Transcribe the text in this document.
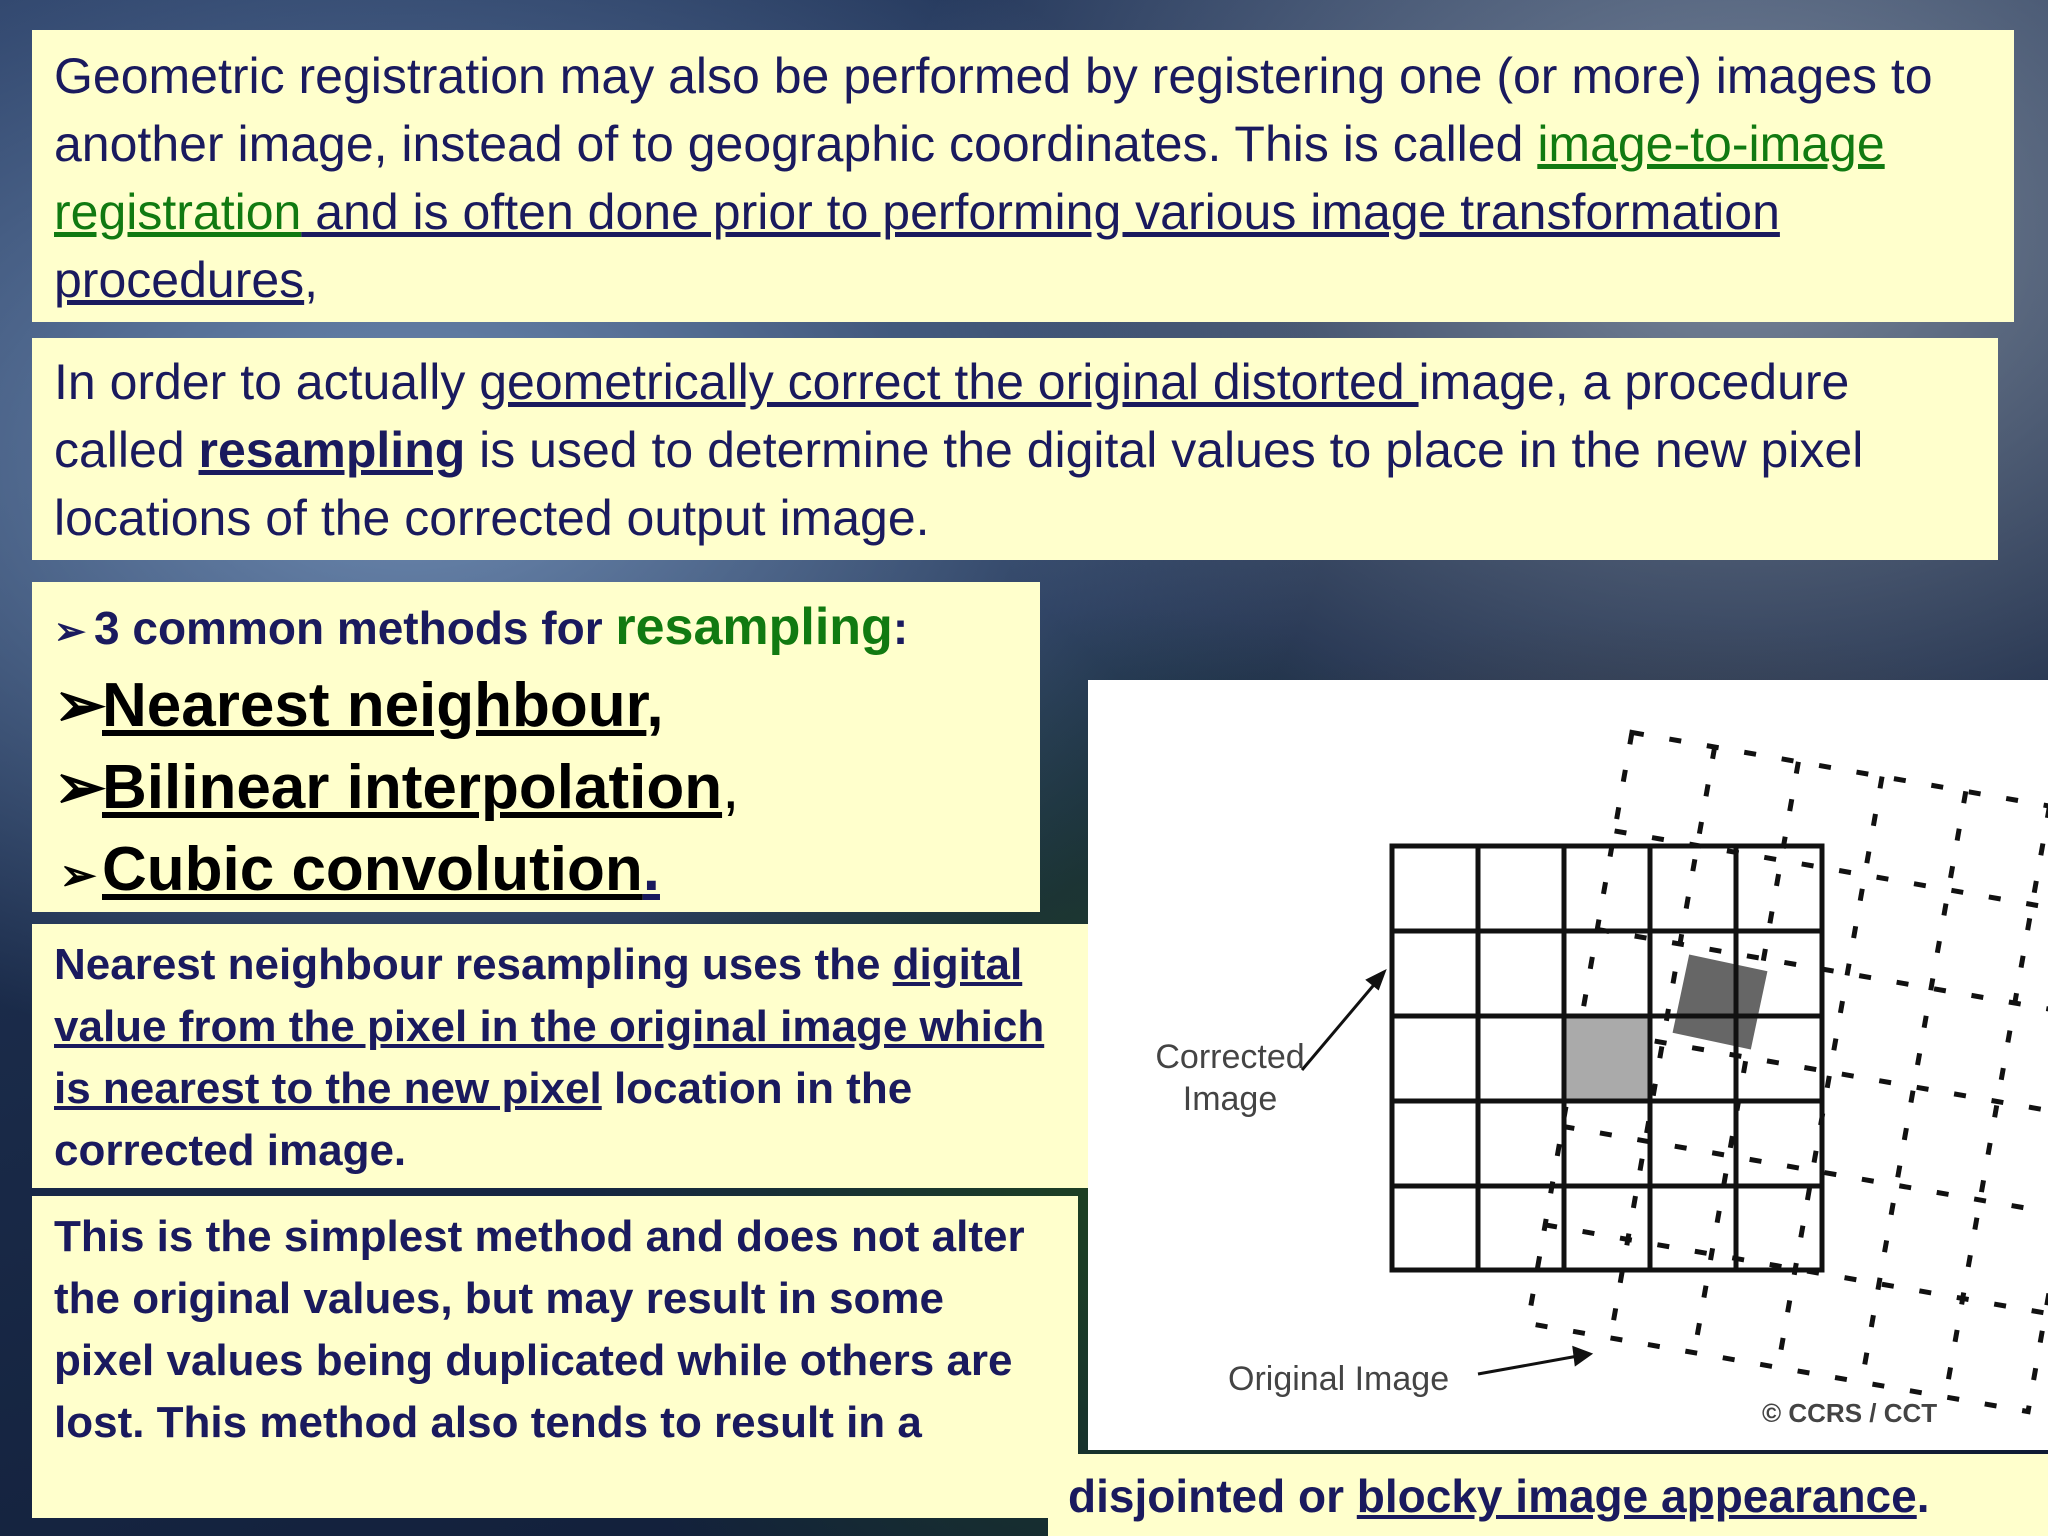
Geometric registration may also be performed by registering one (or more) images to another image, instead of to geographic coordinates. This is called image-to-image registration and is often done prior to performing various image transformation procedures,
In order to actually geometrically correct the original distorted image, a procedure called resampling is used to determine the digital values to place in the new pixel locations of the corrected output image.
➢ 3 common methods for resampling:
➢Nearest neighbour,
➢Bilinear interpolation,
➢Cubic convolution.
Nearest neighbour resampling uses the digital value from the pixel in the original image which is nearest to the new pixel location in the corrected image.
This is the simplest method and does not alter the original values, but may result in some pixel values being duplicated while others are lost. This method also tends to result in a
Corrected
Image
Original Image
© CCRS / CCT
disjointed or blocky image appearance.
